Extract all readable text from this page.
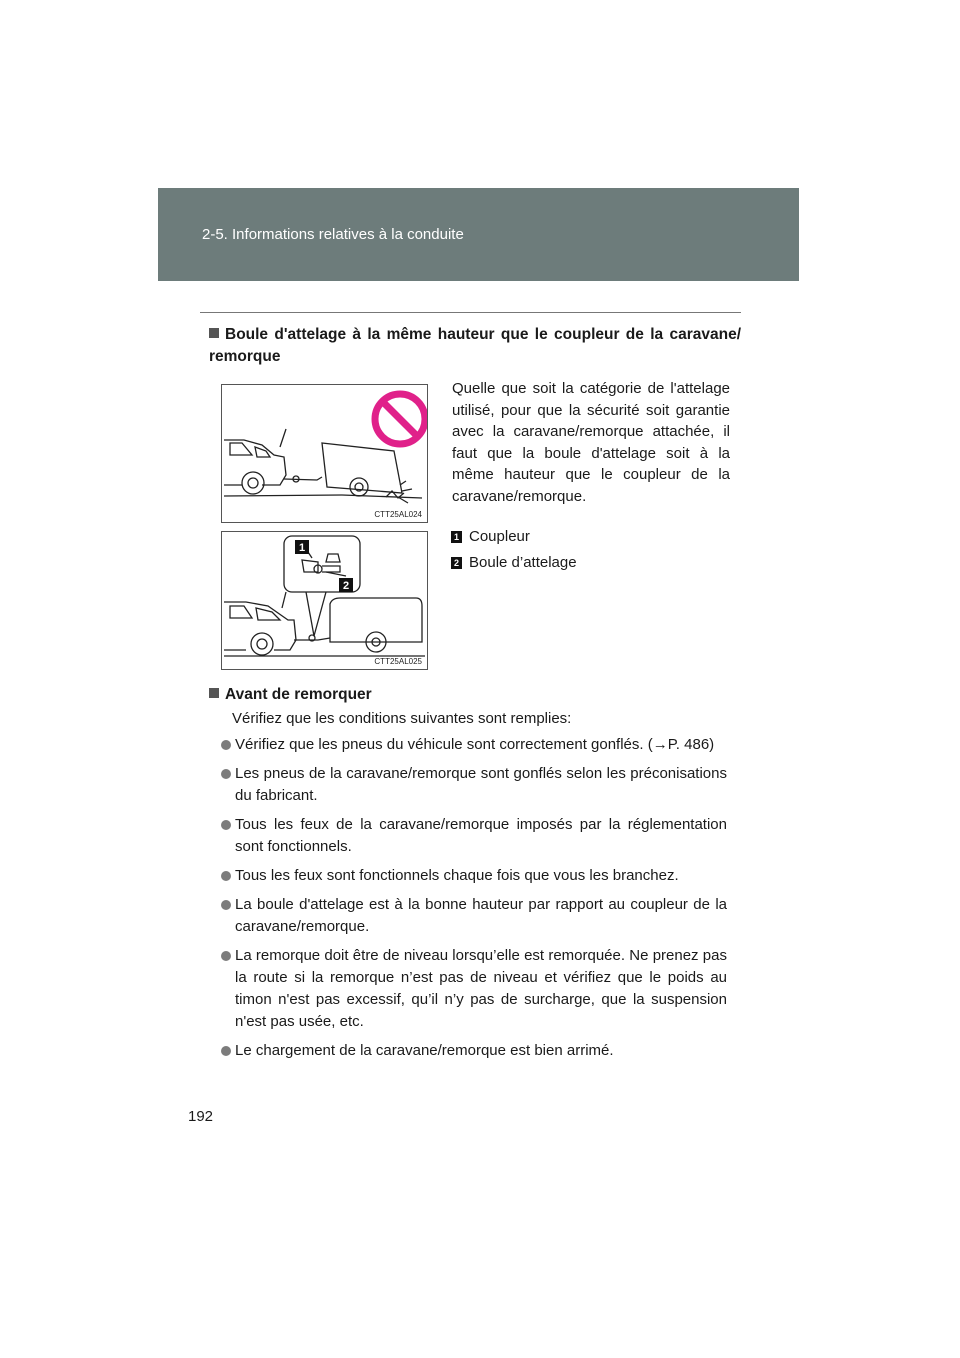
2-5. Informations relatives à la conduite
Boule d'attelage à la même hauteur que le coupleur de la caravane/ remorque
CTT25AL024
1
2
CTT25AL025
Quelle que soit la catégorie de l'attelage utilisé, pour que la sécurité soit garantie avec la caravane/remorque attachée, il faut que la boule d'attelage soit à la même hauteur que le coupleur de la caravane/remorque.
1 Coupleur
2 Boule d’attelage
Avant de remorquer
Vérifiez que les conditions suivantes sont remplies:
Vérifiez que les pneus du véhicule sont correctement gonflés. (→P. 486)
Les pneus de la caravane/remorque sont gonflés selon les préconisations du fabricant.
Tous les feux de la caravane/remorque imposés par la réglementation sont fonctionnels.
Tous les feux sont fonctionnels chaque fois que vous les branchez.
La boule d'attelage est à la bonne hauteur par rapport au coupleur de la caravane/remorque.
La remorque doit être de niveau lorsqu’elle est remorquée. Ne prenez pas la route si la remorque n’est pas de niveau et vérifiez que le poids au timon n'est pas excessif, qu’il n’y pas de surcharge, que la suspension n'est pas usée, etc.
Le chargement de la caravane/remorque est bien arrimé.
192
